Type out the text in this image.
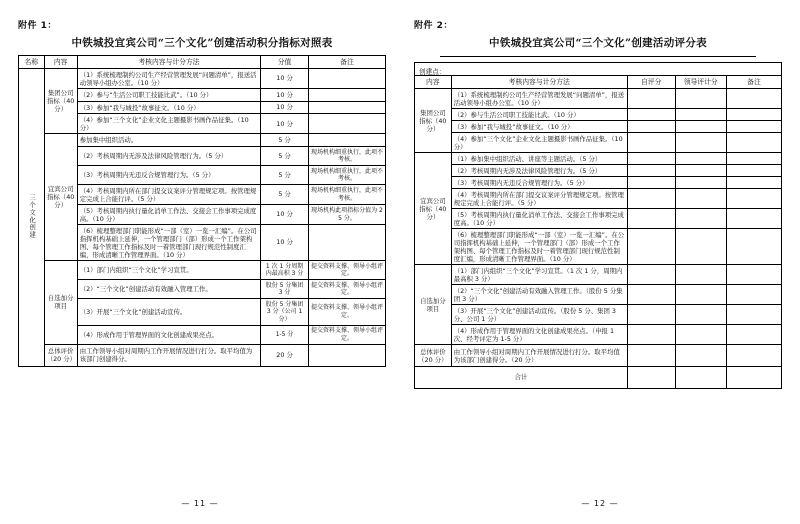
附件 1：
中铁城投宜宾公司“三个文化”创建活动积分指标对照表
名称	内容	考核内容与计分方法	分值	备注
三个文化创建	集团公司指标（40 分）	（1）系统梳理制约公司生产经营管理发展“问题清单”，报送活动领导小组办公室。（10 分）	10 分	
		（2）参与“生活公司职工技能比武”。（10 分）	10 分	
		（3）参加“我与城投”故事征文。（10 分）	10 分	
		（4）参加“三个文化”企业文化主题摄影书画作品征集。（10 分）	10 分	
	宜宾公司指标（40 分）	参加集中组织活动。	5 分	
		（2）考核周期内无涉及法律风险管理行为。（5 分）	5 分	现场机构细重执行，此项不考核。
		（3）考核周期内无违反合规管理行为。（5 分）	5 分	现场机构细重执行，此项不考核。
		（4）考核周期内所在部门提交议案评分管理规定项。按管理规定完成上合能行评。（5 分）	5 分	现场机构细重执行，此项不考核。
		（5）考核周期内执行量化消单工作法、交接会工作事项完成度高。（10 分）	10 分	现场机构此项指标分值为 25 分。
		（6）梳理整理部门职能形成“一部（室）一览一汇编”。在公司指挥机构基础上延伸，一个管理部门（部）形成一个工作架构图、每个管理工作指标及时一着管理部门现行规范性制度汇编，形成清晰工作管理界面。（10 分）	10 分	
	自选加分项目	（1）部门内组织“三个文化”学习宣贯。	1 次 1 分周期内最高积 3 分	提交资料支撑、领导小组评定。
		（2）“三个文化”创建活动有效融入管理工作。	股份 5 分集团 3 分	提交资料支撑、领导小组评定。
		（3）开展“三个文化”创建活动宣传。	股份 5 分集团 3 分（公司 1 分）	提交资料支撑、领导小组评定。
		（4）形成作用于管理界面的文化创建成果亮点。	1-5 分	提交资料支撑、领导小组评定。
	总体评价（20 分）	由工作领导小组对周期内工作开展情况进行打分。取平均值为该部门创建得分。	20 分	
— 11 —
附件 2：
中铁城投宜宾公司“三个文化”创建活动评分表
创建点：
内容	考核内容与计分方法	自评分	领导评计分	备注
集团公司指标（40 分）	（1）系统梳理制约公司生产经营管理发展“问题清单”，报送活动领导小组办公室。（10 分）			
	（2）参与生活公司职工技能比武。（10 分）			
	（3）参加“我与城投”故事征文。（10 分）			
	（4）参加“三个文化”企业文化主题摄影书画作品征集。（10 分）			
宜宾公司指标（40 分）	（1）参加集中组织活动、讲座等主题活动。（5 分）			
	（2）考核周期内无涉及法律风险管理行为。（5 分）			
	（3）考核周期内无违反合规管理行为。（5 分）			
	（4）考核周期内所在部门提交议案评分管理规定项。按管理规定完成上合能行评。（5 分）			
	（5）考核周期内执行量化消单工作法、交接会工作事项完成度高。（10 分）			
	（6）梳理整理部门职能形成“一部（室）一览一汇编”。在公司指挥机构基础上延伸，一个管理部门（部）形成一个工作架构图、每个管理工作指标及时一着管理部门现行规范性制度汇编，形成清晰工作管理界面。（10 分）			
自选加分项目	（1）部门内组织“三个文化”学习宣贯。（1 次 1 分，周期内最高积 3 分）			
	（2）“三个文化”创建活动有效融入管理工作。（股份 5 分集团 3 分）			
	（3）开展“三个文化”创建活动宣传。（股份 5 分、集团 3 分、公司 1 分）			
	（4）形成作用于管理界面的文化创建成果亮点。（申报 1 次、经考评定为 1-5 分）			
总体评价（20 分）	由工作领导小组对周期内工作开展情况进行打分。取平均值为该部门创建得分。（20 分）			
合计				
— 12 —
